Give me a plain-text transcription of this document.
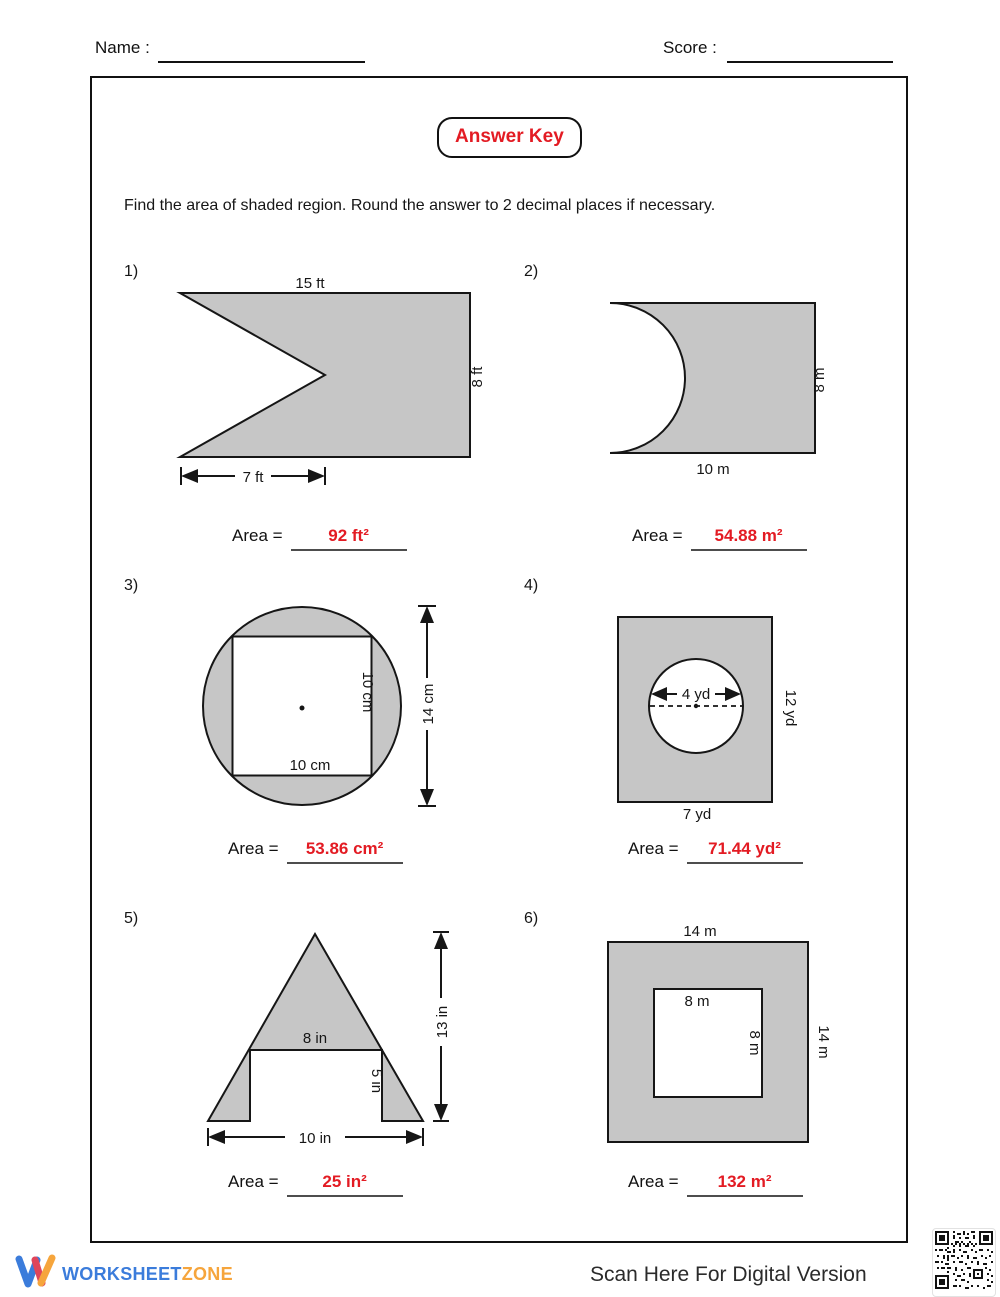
Name :	Score :
Answer Key
Find the area of shaded region. Round the answer to 2 decimal places if necessary.
1)
15 ft
8 ft
7 ft
Area =	92 ft²
2)
8 m
10 m
Area =	54.88 m²
3)
10 cm
10 cm
14 cm
Area =	53.86 cm²
4)
4 yd	12 yd
7 yd
Area =	71.44 yd²
5)
8 in
5 in
10 in
13 in
Area =	25 in²
6)
14 m
8 m
8 m	14 m
Area =	132 m²
WORKSHEETZONE	Scan Here For Digital Version
